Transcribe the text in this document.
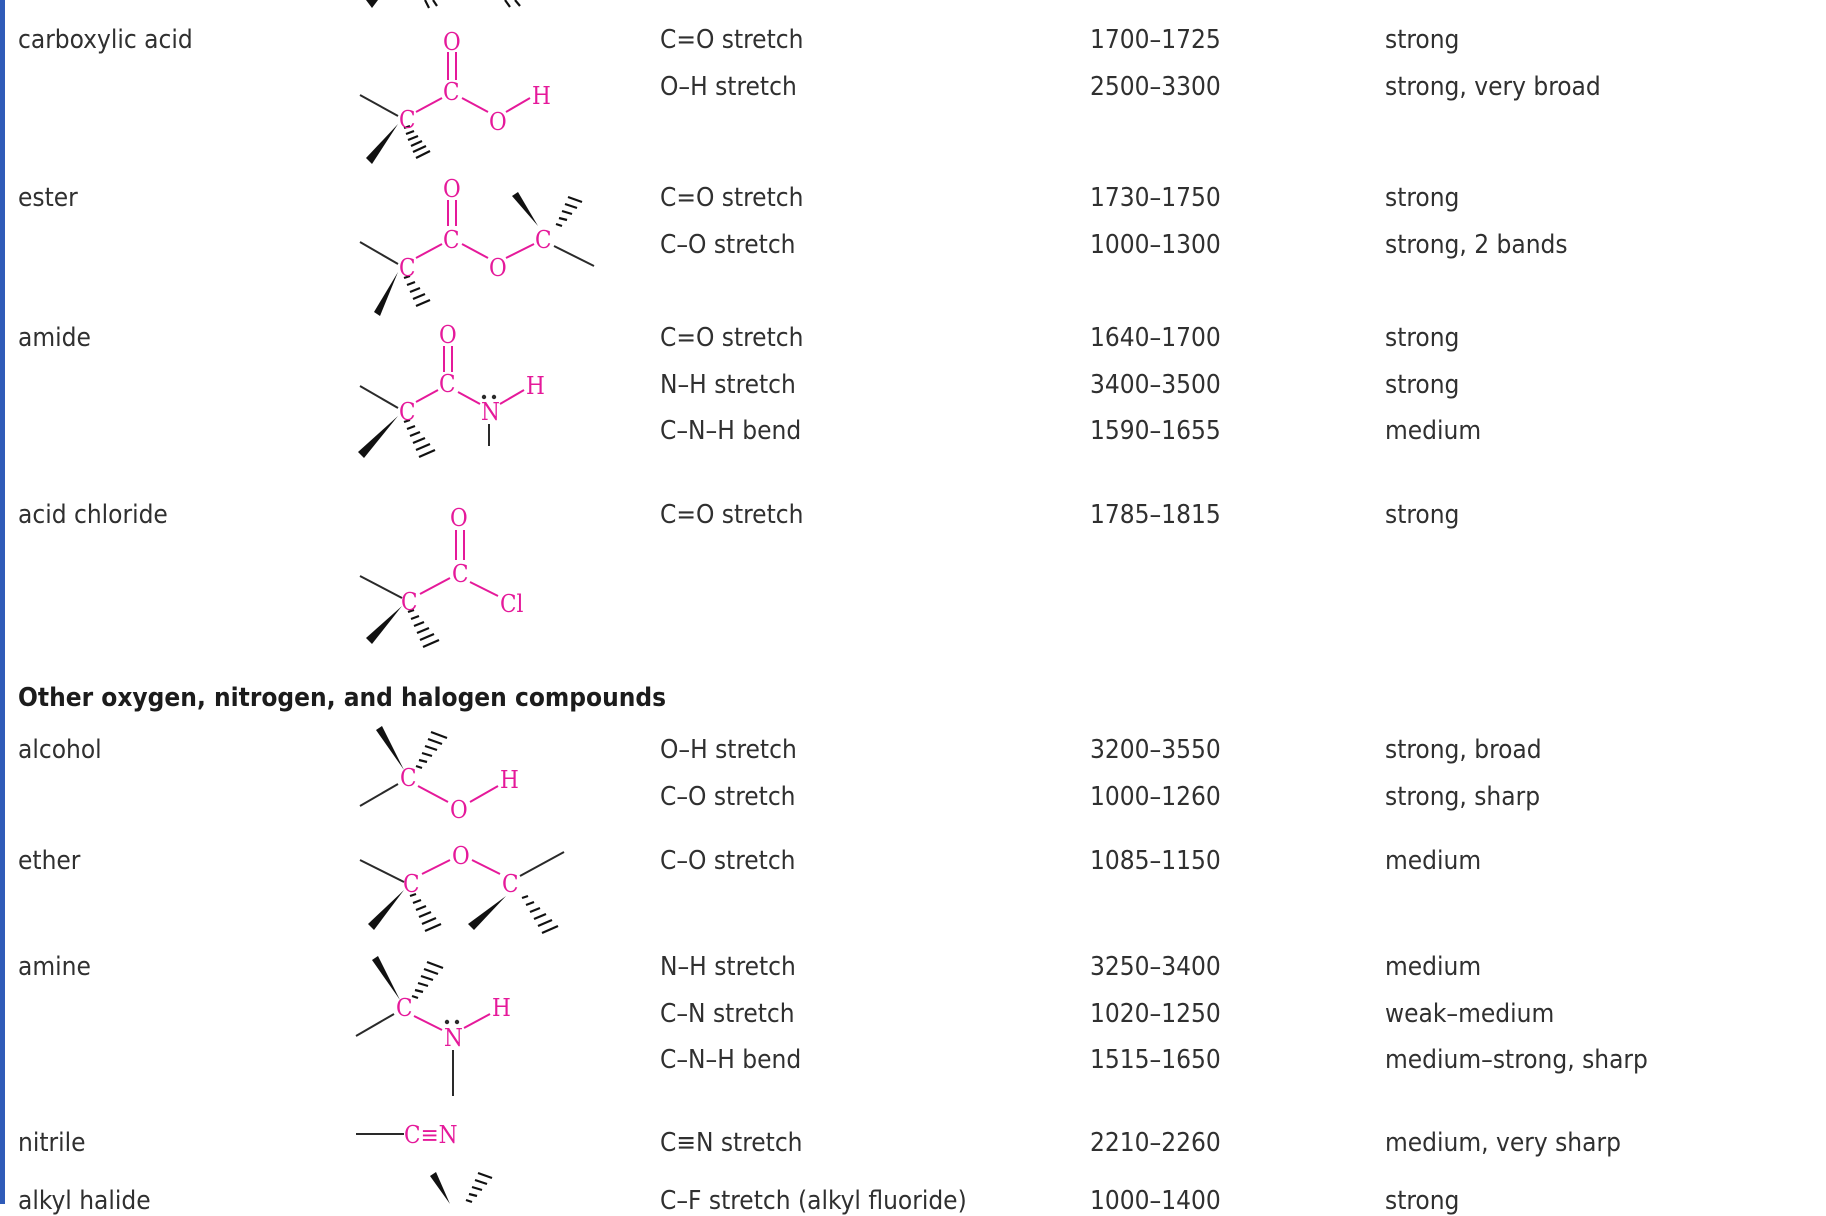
carboxylic acid	C=O stretch	1700–1725	strong
O–H stretch	2500–3300	strong, very broad
ester	C=O stretch	1730–1750	strong
C–O stretch	1000–1300	strong, 2 bands
amide	C=O stretch	1640–1700	strong
N–H stretch	3400–3500	strong
C–N–H bend	1590–1655	medium
acid chloride	C=O stretch	1785–1815	strong
Other oxygen, nitrogen, and halogen compounds
alcohol	O–H stretch	3200–3550	strong, broad
C–O stretch	1000–1260	strong, sharp
ether	C–O stretch	1085–1150	medium
amine	N–H stretch	3250–3400	medium
C–N stretch	1020–1250	weak–medium
C–N–H bend	1515–1650	medium–strong, sharp
nitrile	C≡N stretch	2210–2260	medium, very sharp
alkyl halide	C–F stretch (alkyl fluoride)	1000–1400	strong
C
C
O
O
H
C
C
O
O
C
C
C
O
N
H
C
C
O
Cl
C
O
H
C
O
C
C
N
H
C≡N
